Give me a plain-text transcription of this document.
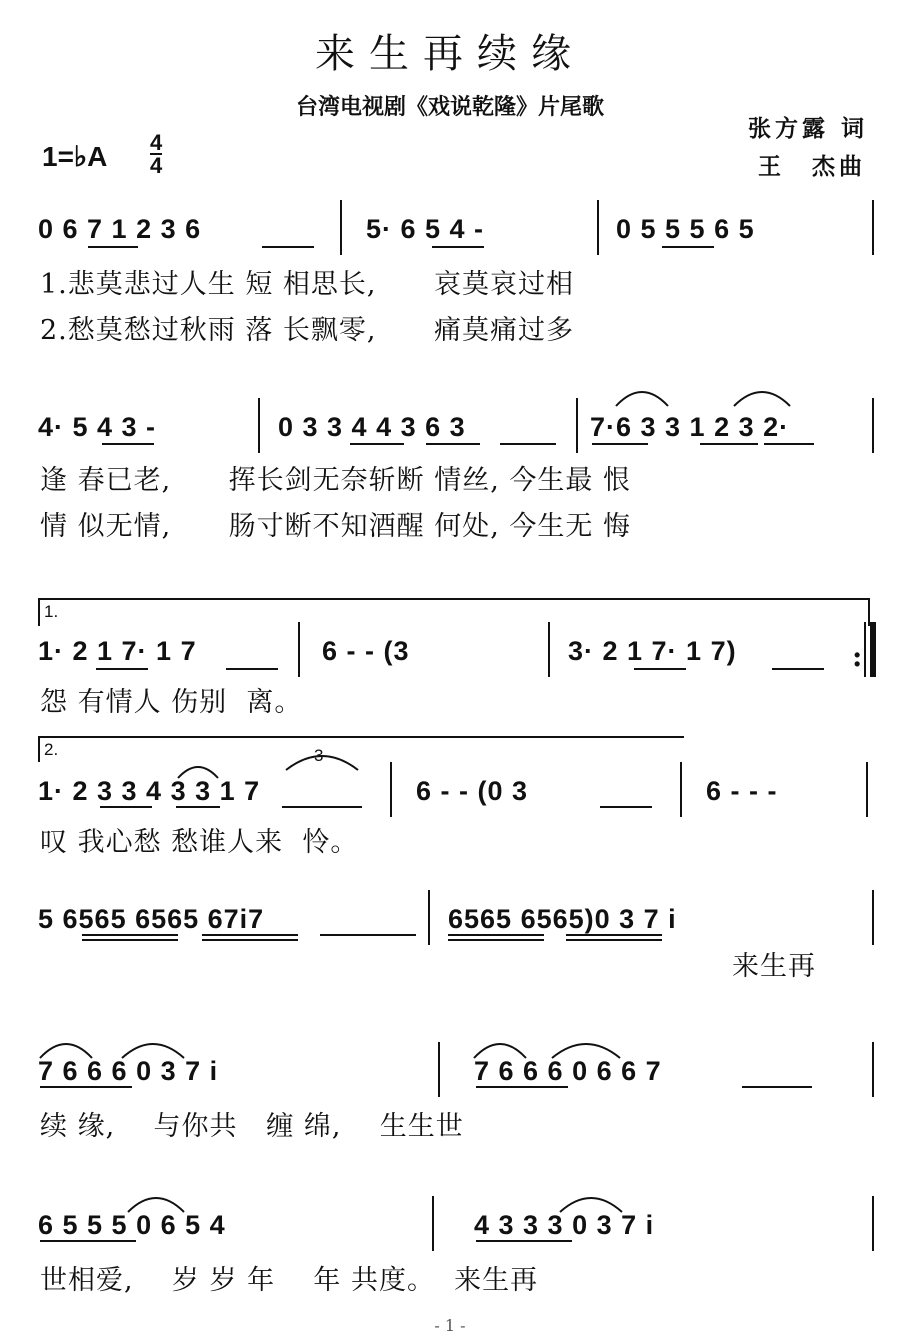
来生再续缘
台湾电视剧《戏说乾隆》片尾歌
张方露 词
王　杰曲
1=♭A 4
4
0 6 7 1 2 3 6	5· 6 5 4 -	0 5 5 5 6 5
1.悲莫悲过人生 短 相思长,      哀莫哀过相
2.愁莫愁过秋雨 落 长飘零,      痛莫痛过多
4· 5 4 3 -	0 3 3 4 4 3 6 3	7·6 3 3 1 2 3 2·
逢 春已老,      挥长剑无奈斩断 情丝, 今生最 恨
情 似无情,      肠寸断不知酒醒 何处, 今生无 悔
1.
1· 2 1 7· 1 7	6 - - (3	3· 2 1 7· 1 7)	:
怨 有情人 伤别  离。
2.	3
1· 2 3 3 4 3 3 1 7	6 - - (0 3	6 - - -
叹 我心愁 愁谁人来  怜。
5 6565 6565 67i7	6565 6565)0 3 7 i
来生再
7 6 6 6 0 3 7 i	7 6 6 6 0 6 6 7
续 缘,    与你共   缠 绵,    生生世
6 5 5 5 0 6 5 4	4 3 3 3 0 3 7 i
世相爱,    岁 岁 年    年 共度。  来生再
- 1 -
